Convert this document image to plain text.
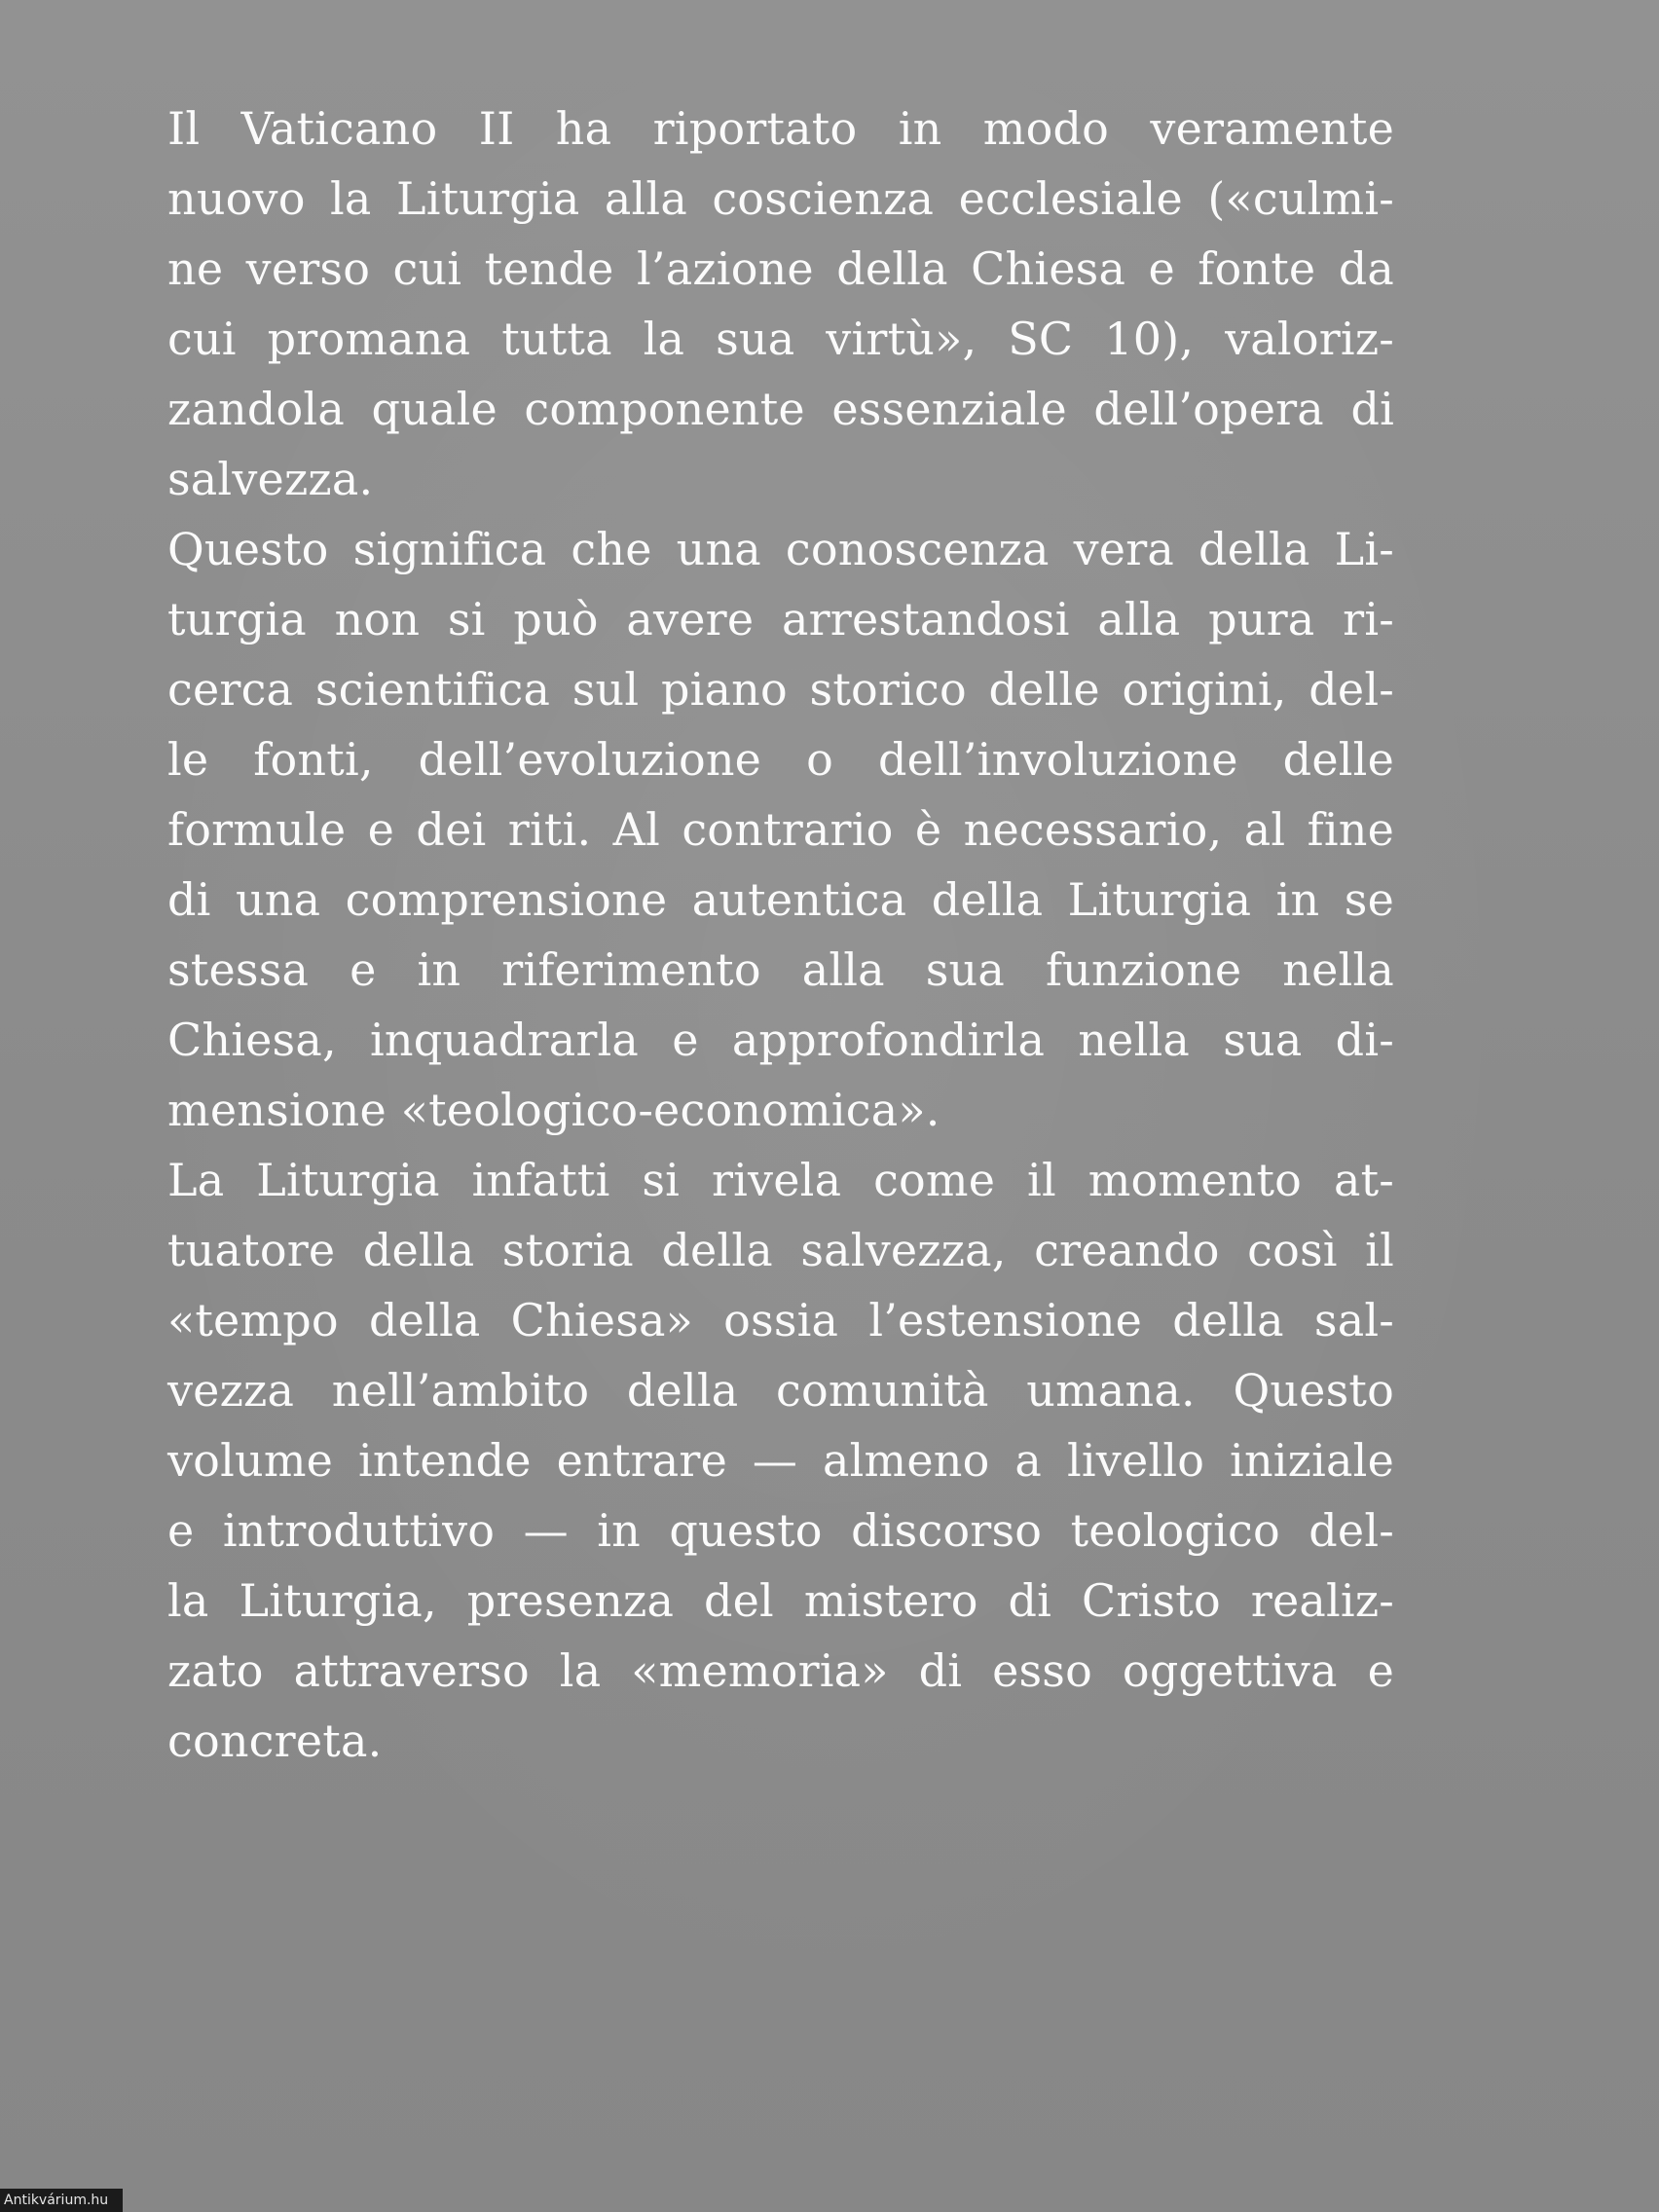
Il Vaticano II ha riportato in modo veramente
nuovo la Liturgia alla coscienza ecclesiale («culmi-
ne verso cui tende l’azione della Chiesa e fonte da
cui promana tutta la sua virtù», SC 10), valoriz-
zandola quale componente essenziale dell’opera di
salvezza.
Questo significa che una conoscenza vera della Li-
turgia non si può avere arrestandosi alla pura ri-
cerca scientifica sul piano storico delle origini, del-
le fonti, dell’evoluzione o dell’involuzione delle
formule e dei riti. Al contrario è necessario, al fine
di una comprensione autentica della Liturgia in se
stessa e in riferimento alla sua funzione nella
Chiesa, inquadrarla e approfondirla nella sua di-
mensione «teologico-economica».
La Liturgia infatti si rivela come il momento at-
tuatore della storia della salvezza, creando così il
«tempo della Chiesa» ossia l’estensione della sal-
vezza nell’ambito della comunità umana. Questo
volume intende entrare — almeno a livello iniziale
e introduttivo — in questo discorso teologico del-
la Liturgia, presenza del mistero di Cristo realiz-
zato attraverso la «memoria» di esso oggettiva e
concreta.
Antikvárium.hu
